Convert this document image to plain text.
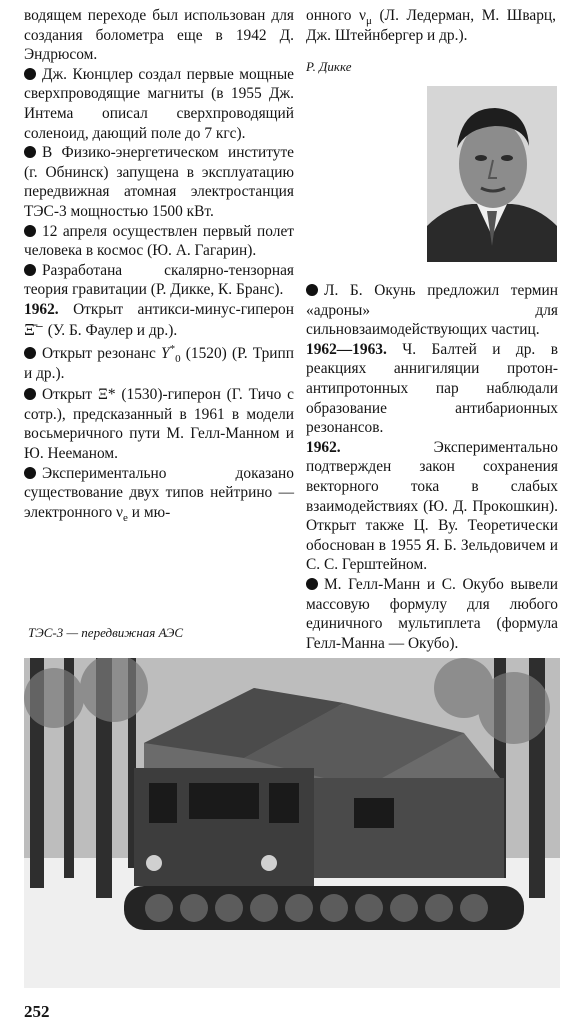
водящем переходе был использован для создания болометра еще в 1942 Д. Эндрюсом.

Дж. Кюнцлер создал первые мощные сверхпроводящие магниты (в 1955 Дж. Интема описал сверхпроводящий соленоид, дающий поле до 7 кгс).

В Физико-энергетическом институте (г. Обнинск) запущена в эксплуатацию передвижная атомная электростанция ТЭС-3 мощностью 1500 кВт.

12 апреля осуществлен первый полет человека в космос (Ю. А. Гагарин).

Разработана скалярно-тензорная теория гравитации (Р. Дикке, К. Бранс).

1962. Открыт антикси-минус-гиперон Ξ̄⁻ (У. Б. Фаулер и др.).

Открыт резонанс $Y^*_0$ (1520) (Р. Трипп и др.).

Открыт Ξ* (1530)-гиперон (Г. Тичо с сотр.), предсказанный в 1961 в модели восьмеричного пути М. Гелл-Манном и Ю. Нееманом.

Экспериментально доказано существование двух типов нейтрино — электронного $\nu_e$ и мю-

ТЭС-3 — передвижная АЭС

онного $\nu_\mu$ (Л. Ледерман, М. Шварц, Дж. Штейнбергер и др.).

Р. Дикке

Л. Б. Окунь предложил термин «адроны» для сильновзаимодействующих частиц.

1962—1963. Ч. Балтей и др. в реакциях аннигиляции протон-антипротонных пар наблюдали образование антибарионных резонансов.

1962.	Экспериментально подтвержден закон сохранения векторного тока в слабых взаимодействиях (Ю. Д. Прокошкин). Открыт также Ц. Ву. Теоретически обоснован в 1955 Я. Б. Зельдовичем и С. С. Герштейном.

М. Гелл-Манн и С. Окубо вывели массовую формулу для любого единичного мультиплета (формула Гелл-Манна — Окубо).

252
